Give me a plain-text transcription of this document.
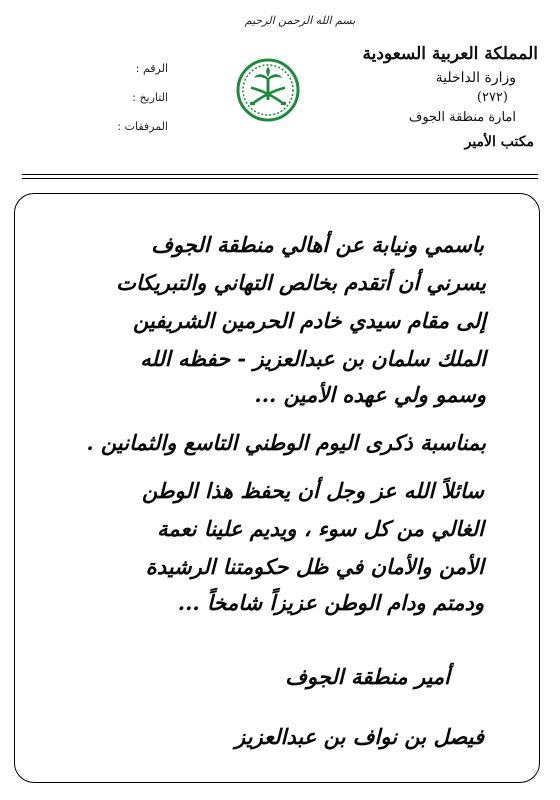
بسم الله الرحمن الرحيم
المملكة العربية السعودية
وزارة الداخلية
(٢٧٢)
امارة منطقة الجوف
مكتب الأمير
الرقم :
التاريخ :
المرفقات :
باسمي ونيابة عن أهالي منطقة الجوف
يسرني أن أتقدم بخالص التهاني والتبريكات
إلى مقام سيدي خادم الحرمين الشريفين
الملك سلمان بن عبدالعزيز - حفظه الله
وسمو ولي عهده الأمين ...
بمناسبة ذكرى اليوم الوطني التاسع والثمانين .
سائلاً الله عز وجل أن يحفظ هذا الوطن
الغالي من كل سوء ، ويديم علينا نعمة
الأمن والأمان في ظل حكومتنا الرشيدة
ودمتم ودام الوطن عزيزاً شامخاً ...
أمير منطقة الجوف
فيصل بن نواف بن عبدالعزيز
